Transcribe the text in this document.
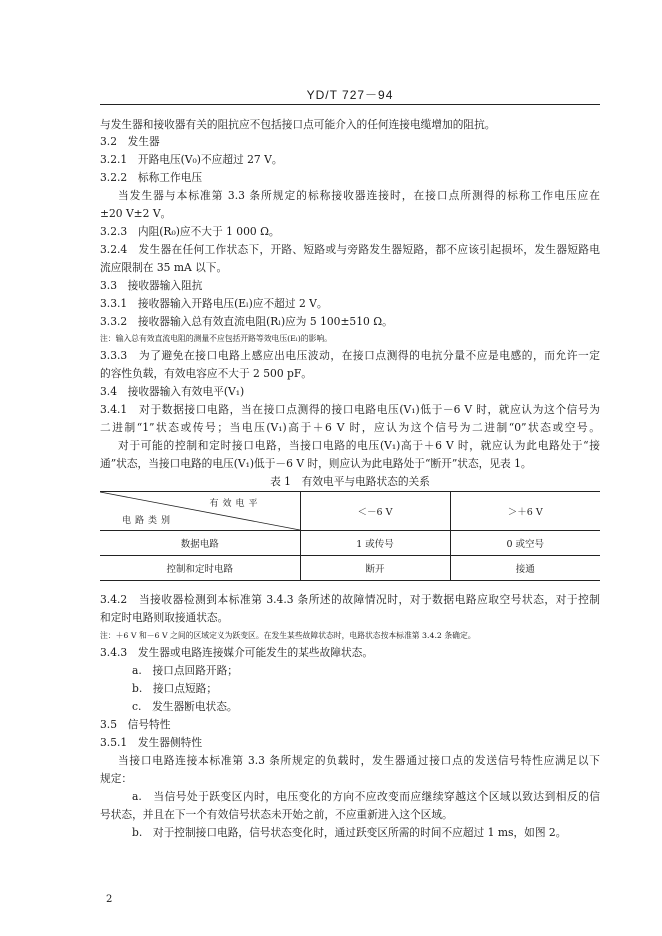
YD/T 727－94
与发生器和接收器有关的阻抗应不包括接口点可能介入的任何连接电缆增加的阻抗。
3.2　发生器
3.2.1　开路电压(V₀)不应超过 27 V。
3.2.2　标称工作电压
当发生器与本标准第 3.3 条所规定的标称接收器连接时，在接口点所测得的标称工作电压应在
±20 V±2 V。
3.2.3　内阻(R₀)应不大于 1 000 Ω。
3.2.4　发生器在任何工作状态下，开路、短路或与旁路发生器短路，都不应该引起损坏，发生器短路电
流应限制在 35 mA 以下。
3.3　接收器输入阻抗
3.3.1　接收器输入开路电压(Eₗ)应不超过 2 V。
3.3.2　接收器输入总有效直流电阻(Rₗ)应为 5 100±510 Ω。
注：输入总有效直流电阻的测量不应包括开路等效电压(Eₗ)的影响。
3.3.3　为了避免在接口电路上感应出电压波动，在接口点测得的电抗分量不应是电感的，而允许一定
的容性负载，有效电容应不大于 2 500 pF。
3.4　接收器输入有效电平(V₁)
3.4.1　对于数据接口电路，当在接口点测得的接口电路电压(V₁)低于－6 V 时，就应认为这个信号为
二进制“1”状态或传号；当电压(V₁)高于＋6 V 时，应认为这个信号为二进制“0”状态或空号。
对于可能的控制和定时接口电路，当接口电路的电压(V₁)高于＋6 V 时，就应认为此电路处于“接
通”状态，当接口电路的电压(V₁)低于－6 V 时，则应认为此电路处于“断开”状态，见表 1。
表 1　有效电平与电路状态的关系
有效电平
电路类别	＜－6 V	＞＋6 V
数据电路	1 或传号	0 或空号
控制和定时电路	断开	接通
3.4.2　当接收器检测到本标准第 3.4.3 条所述的故障情况时，对于数据电路应取空号状态，对于控制
和定时电路则取接通状态。
注：＋6 V 和－6 V 之间的区域定义为跃变区。在发生某些故障状态时，电路状态按本标准第 3.4.2 条确定。
3.4.3　发生器或电路连接媒介可能发生的某些故障状态。
a.　接口点回路开路；
b.　接口点短路；
c.　发生器断电状态。
3.5　信号特性
3.5.1　发生器侧特性
当接口电路连接本标准第 3.3 条所规定的负载时，发生器通过接口点的发送信号特性应满足以下
规定：
a.　当信号处于跃变区内时，电压变化的方向不应改变而应继续穿越这个区域以致达到相反的信
号状态，并且在下一个有效信号状态未开始之前，不应重新进入这个区域。
b.　对于控制接口电路，信号状态变化时，通过跃变区所需的时间不应超过 1 ms，如图 2。
2
